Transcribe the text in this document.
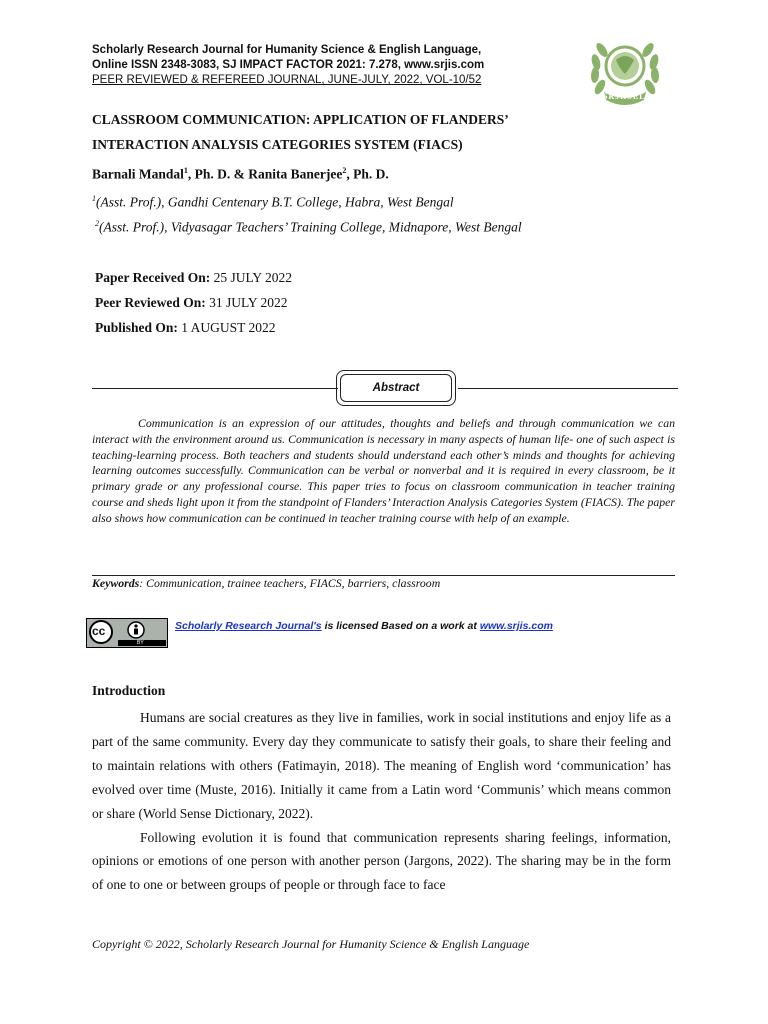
Scholarly Research Journal for Humanity Science & English Language,
Online ISSN 2348-3083, SJ IMPACT FACTOR 2021: 7.278, www.srjis.com
PEER REVIEWED & REFEREED JOURNAL, JUNE-JULY, 2022, VOL-10/52
SRJHSEL
CLASSROOM COMMUNICATION: APPLICATION OF FLANDERS’
INTERACTION ANALYSIS CATEGORIES SYSTEM (FIACS)
Barnali Mandal$^1$, Ph. D. & Ranita Banerjee$^2$, Ph. D.
$^1$(Asst. Prof.), Gandhi Centenary B.T. College, Habra, West Bengal
$^2$(Asst. Prof.), Vidyasagar Teachers’ Training College, Midnapore, West Bengal
Paper Received On: 25 JULY 2022
Peer Reviewed On: 31 JULY 2022
Published On: 1 AUGUST 2022
Abstract

Communication is an expression of our attitudes, thoughts and beliefs and through communication we can interact with the environment around us. Communication is necessary in many aspects of human life- one of such aspect is teaching-learning process. Both teachers and students should understand each other’s minds and thoughts for achieving learning outcomes successfully. Communication can be verbal or nonverbal and it is required in every classroom, be it primary grade or any professional course. This paper tries to focus on classroom communication in teacher training course and sheds light upon it from the standpoint of Flanders’ Interaction Analysis Categories System (FIACS). The paper also shows how communication can be continued in teacher training course with help of an example.

Keywords: Communication, trainee teachers, FIACS, barriers, classroom
cc
BY
Scholarly Research Journal's is licensed Based on a work at www.srjis.com
Introduction

Humans are social creatures as they live in families, work in social institutions and enjoy life as a part of the same community. Every day they communicate to satisfy their goals, to share their feeling and to maintain relations with others (Fatimayin, 2018). The meaning of English word ‘communication’ has evolved over time (Muste, 2016). Initially it came from a Latin word ‘Communis’ which means common or share (World Sense Dictionary, 2022).

Following evolution it is found that communication represents sharing feelings, information, opinions or emotions of one person with another person (Jargons, 2022). The sharing may be in the form of one to one or between groups of people or through face to face

Copyright © 2022, Scholarly Research Journal for Humanity Science & English Language
